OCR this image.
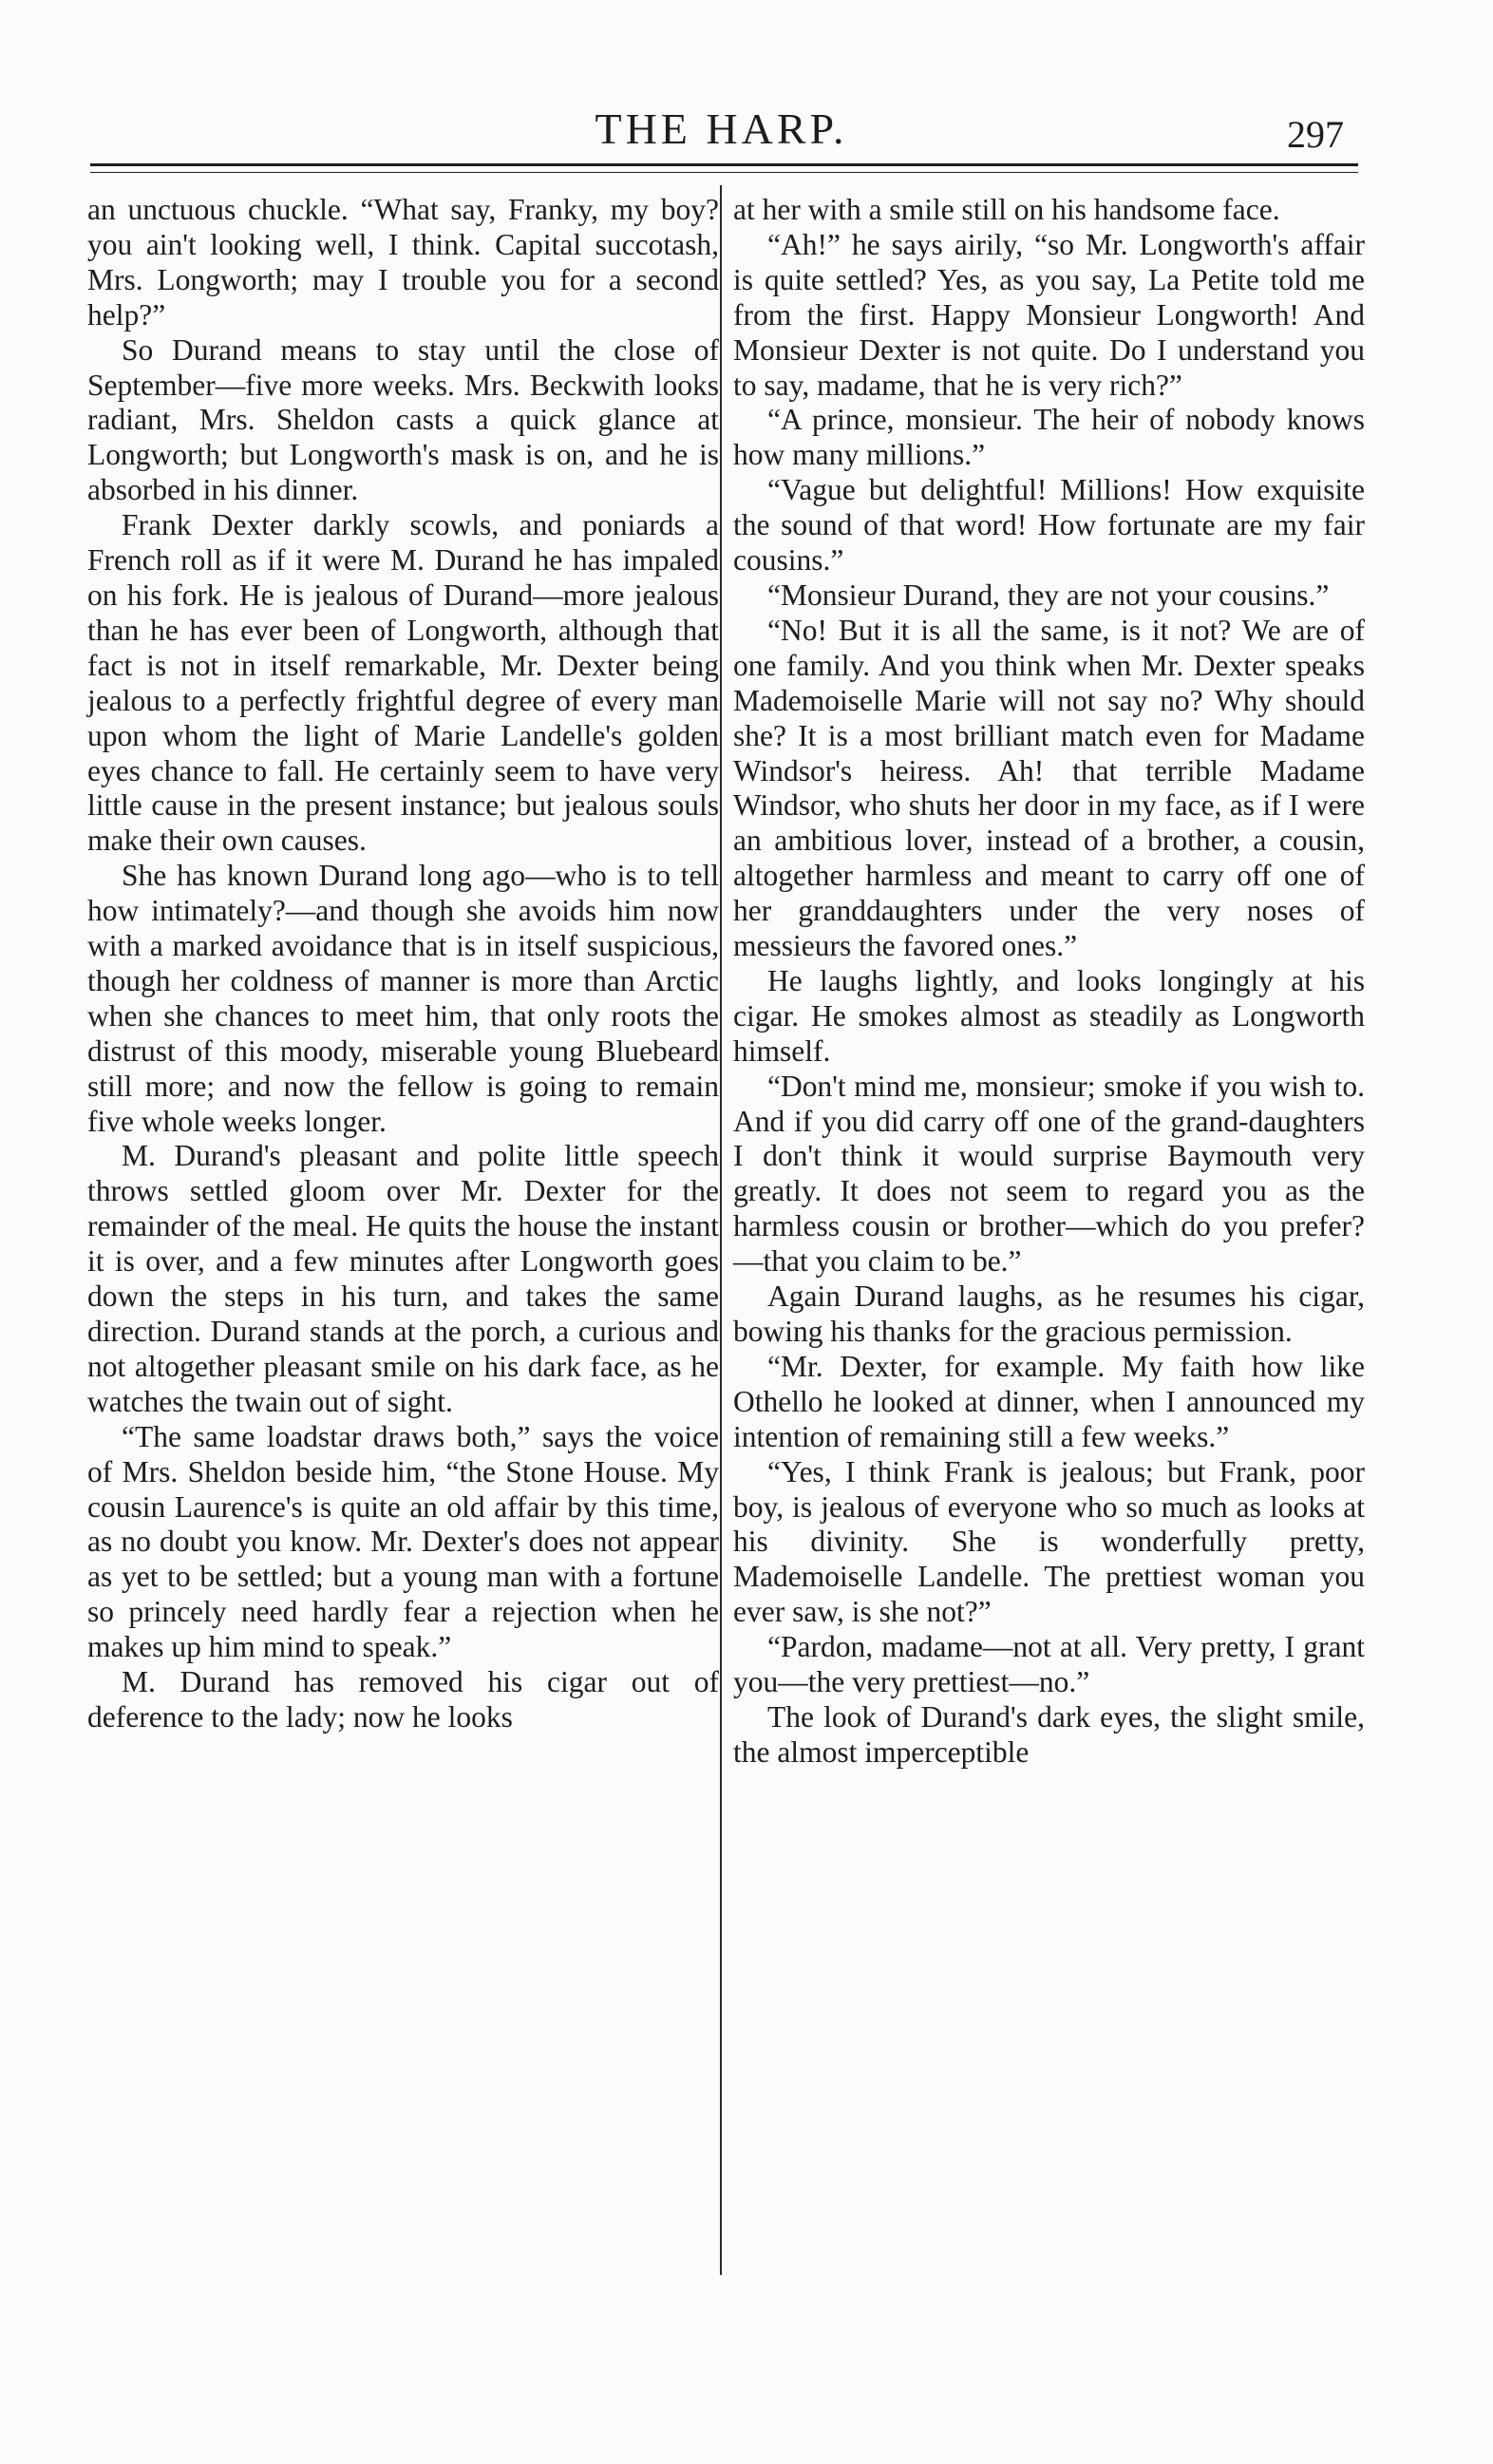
THE HARP.	297

an unctuous chuckle. “What say, Franky, my boy? you ain't looking well, I think. Capital succotash, Mrs. Longworth; may I trouble you for a second help?”

So Durand means to stay until the close of September—five more weeks. Mrs. Beckwith looks radiant, Mrs. Sheldon casts a quick glance at Longworth; but Longworth's mask is on, and he is absorbed in his dinner.

Frank Dexter darkly scowls, and poniards a French roll as if it were M. Durand he has impaled on his fork. He is jealous of Durand—more jealous than he has ever been of Longworth, although that fact is not in itself remarkable, Mr. Dexter being jealous to a perfectly frightful degree of every man upon whom the light of Marie Landelle's golden eyes chance to fall. He certainly seem to have very little cause in the present instance; but jealous souls make their own causes.

She has known Durand long ago—who is to tell how intimately?—and though she avoids him now with a marked avoidance that is in itself suspicious, though her coldness of manner is more than Arctic when she chances to meet him, that only roots the distrust of this moody, miserable young Bluebeard still more; and now the fellow is going to remain five whole weeks longer.

M. Durand's pleasant and polite little speech throws settled gloom over Mr. Dexter for the remainder of the meal. He quits the house the instant it is over, and a few minutes after Longworth goes down the steps in his turn, and takes the same direction. Durand stands at the porch, a curious and not altogether pleasant smile on his dark face, as he watches the twain out of sight.

“The same loadstar draws both,” says the voice of Mrs. Sheldon beside him, “the Stone House. My cousin Laurence's is quite an old affair by this time, as no doubt you know. Mr. Dexter's does not appear as yet to be settled; but a young man with a fortune so princely need hardly fear a rejection when he makes up him mind to speak.”

M. Durand has removed his cigar out of deference to the lady; now he looks

at her with a smile still on his handsome face.

“Ah!” he says airily, “so Mr. Longworth's affair is quite settled? Yes, as you say, La Petite told me from the first. Happy Monsieur Longworth! And Monsieur Dexter is not quite. Do I understand you to say, madame, that he is very rich?”

“A prince, monsieur. The heir of nobody knows how many millions.”

“Vague but delightful! Millions! How exquisite the sound of that word! How fortunate are my fair cousins.”

“Monsieur Durand, they are not your cousins.”

“No! But it is all the same, is it not? We are of one family. And you think when Mr. Dexter speaks Mademoiselle Marie will not say no? Why should she? It is a most brilliant match even for Madame Windsor's heiress. Ah! that terrible Madame Windsor, who shuts her door in my face, as if I were an ambitious lover, instead of a brother, a cousin, altogether harmless and meant to carry off one of her granddaughters under the very noses of messieurs the favored ones.”

He laughs lightly, and looks longingly at his cigar. He smokes almost as steadily as Longworth himself.

“Don't mind me, monsieur; smoke if you wish to. And if you did carry off one of the grand-daughters I don't think it would surprise Baymouth very greatly. It does not seem to regard you as the harmless cousin or brother—which do you prefer?—that you claim to be.”

Again Durand laughs, as he resumes his cigar, bowing his thanks for the gracious permission.

“Mr. Dexter, for example. My faith how like Othello he looked at dinner, when I announced my intention of remaining still a few weeks.”

“Yes, I think Frank is jealous; but Frank, poor boy, is jealous of everyone who so much as looks at his divinity. She is wonderfully pretty, Mademoiselle Landelle. The prettiest woman you ever saw, is she not?”

“Pardon, madame—not at all. Very pretty, I grant you—the very prettiest—no.”

The look of Durand's dark eyes, the slight smile, the almost imperceptible
